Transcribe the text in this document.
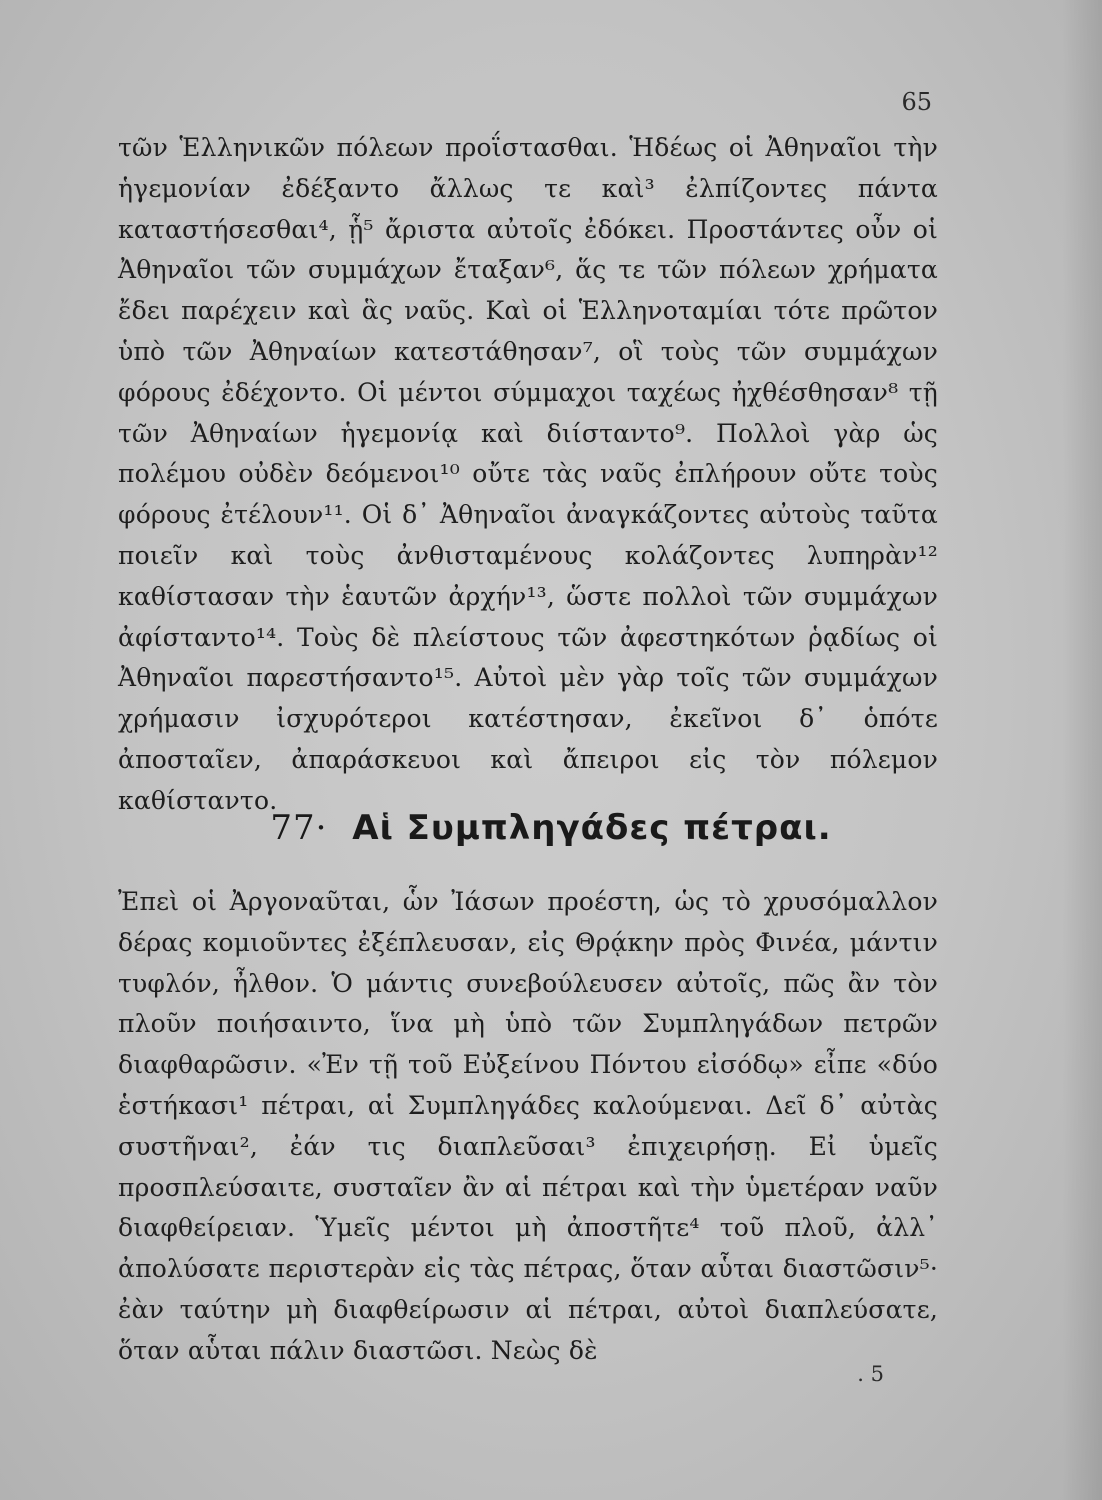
65

τῶν Ἑλληνικῶν πόλεων προΐστασθαι. Ἡδέως οἱ Ἀθηναῖοι τὴν ἡγεμονίαν ἐδέξαντο ἄλλως τε καὶ³ ἐλπίζοντες πάντα καταστήσεσθαι⁴, ᾗ⁵ ἄριστα αὐτοῖς ἐδόκει. Προστάντες οὖν οἱ Ἀθηναῖοι τῶν συμμάχων ἔταξαν⁶, ἅς τε τῶν πόλεων χρήματα ἔδει παρέχειν καὶ ἃς ναῦς. Καὶ οἱ Ἑλληνοταμίαι τότε πρῶτον ὑπὸ τῶν Ἀθηναίων κατεστάθησαν⁷, οἳ τοὺς τῶν συμμάχων φόρους ἐδέχοντο. Οἱ μέντοι σύμμαχοι ταχέως ἠχθέσθησαν⁸ τῇ τῶν Ἀθηναίων ἡγεμονίᾳ καὶ διίσταντο⁹. Πολλοὶ γὰρ ὡς πολέμου οὐδὲν δεόμενοι¹⁰ οὔτε τὰς ναῦς ἐπλήρουν οὔτε τοὺς φόρους ἐτέλουν¹¹. Οἱ δ᾽ Ἀθηναῖοι ἀναγκάζοντες αὐτοὺς ταῦτα ποιεῖν καὶ τοὺς ἀνθισταμένους κολάζοντες λυπηρὰν¹² καθίστασαν τὴν ἑαυτῶν ἀρχήν¹³, ὥστε πολλοὶ τῶν συμμάχων ἀφίσταντο¹⁴. Τοὺς δὲ πλείστους τῶν ἀφεστηκότων ῥᾳδίως οἱ Ἀθηναῖοι παρεστήσαντο¹⁵. Αὐτοὶ μὲν γὰρ τοῖς τῶν συμμάχων χρήμασιν ἰσχυρότεροι κατέστησαν, ἐκεῖνοι δ᾽ ὁπότε ἀποσταῖεν, ἀπαράσκευοι καὶ ἄπειροι εἰς τὸν πόλεμον καθίσταντο.

77· Αἱ Συμπληγάδες πέτραι.

Ἐπεὶ οἱ Ἀργοναῦται, ὧν Ἰάσων προέστη, ὡς τὸ χρυσόμαλλον δέρας κομιοῦντες ἐξέπλευσαν, εἰς Θρᾴκην πρὸς Φινέα, μάντιν τυφλόν, ἦλθον. Ὁ μάντις συνεβούλευσεν αὐτοῖς, πῶς ἂν τὸν πλοῦν ποιήσαιντο, ἵνα μὴ ὑπὸ τῶν Συμπληγάδων πετρῶν διαφθαρῶσιν. «Ἐν τῇ τοῦ Εὐξείνου Πόντου εἰσόδῳ» εἶπε «δύο ἑστήκασι¹ πέτραι, αἱ Συμπληγάδες καλούμεναι. Δεῖ δ᾽ αὐτὰς συστῆναι², ἐάν τις διαπλεῦσαι³ ἐπιχειρήσῃ. Εἰ ὑμεῖς προσπλεύσαιτε, συσταῖεν ἂν αἱ πέτραι καὶ τὴν ὑμετέραν ναῦν διαφθείρειαν. Ὑμεῖς μέντοι μὴ ἀποστῆτε⁴ τοῦ πλοῦ, ἀλλ᾽ ἀπολύσατε περιστερὰν εἰς τὰς πέτρας, ὅταν αὗται διαστῶσιν⁵· ἐὰν ταύτην μὴ διαφθείρωσιν αἱ πέτραι, αὐτοὶ διαπλεύσατε, ὅταν αὗται πάλιν διαστῶσι. Νεὼς δὲ

. 5
